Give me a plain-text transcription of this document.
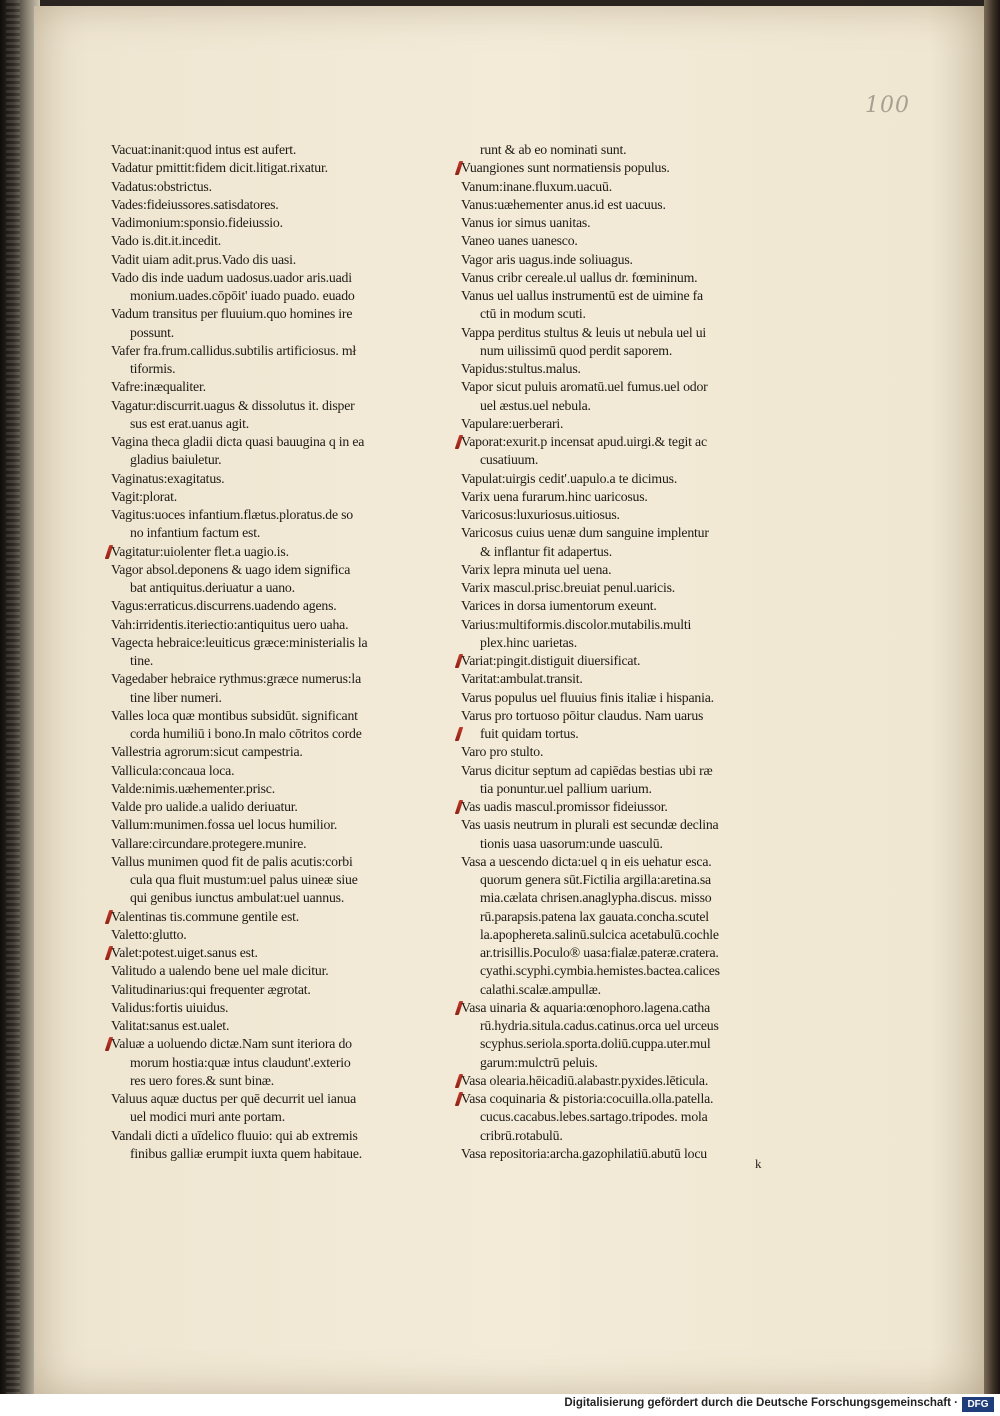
100
Vacuat:inanit:quod intus est aufert.
Vadatur pmittit:fidem dicit.litigat.rixatur.
Vadatus:obstrictus.
Vades:fideiussores.satisdatores.
Vadimonium:sponsio.fideiussio.
Vado is.dit.it.incedit.
Vadit uiam adit.prus.Vado dis uasi.
Vado dis inde uadum uadosus.uador aris.uadi
monium.uades.cōpōit' iuado puado. euado
Vadum transitus per fluuium.quo homines ire
possunt.
Vafer fra.frum.callidus.subtilis artificiosus. mł
tiformis.
Vafre:inæqualiter.
Vagatur:discurrit.uagus & dissolutus it. disper
sus est erat.uanus agit.
Vagina theca gladii dicta quasi bauugina q in ea
gladius baiuletur.
Vaginatus:exagitatus.
Vagit:plorat.
Vagitus:uoces infantium.flætus.ploratus.de so
no infantium factum est.
Vagitatur:uiolenter flet.a uagio.is.
Vagor absol.deponens & uago idem significa
bat antiquitus.deriuatur a uano.
Vagus:erraticus.discurrens.uadendo agens.
Vah:irridentis.iteriectio:antiquitus uero uaha.
Vagecta hebraice:leuiticus græce:ministerialis la
tine.
Vagedaber hebraice rythmus:græce numerus:la
tine liber numeri.
Valles loca quæ montibus subsidūt. significant
corda humiliū i bono.In malo cōtritos corde
Vallestria agrorum:sicut campestria.
Vallicula:concaua loca.
Valde:nimis.uæhementer.prisc.
Valde pro ualide.a ualido deriuatur.
Vallum:munimen.fossa uel locus humilior.
Vallare:circundare.protegere.munire.
Vallus munimen quod fit de palis acutis:corbi
cula qua fluit mustum:uel palus uineæ siue
qui genibus iunctus ambulat:uel uannus.
Valentinas tis.commune gentile est.
Valetto:glutto.
Valet:potest.uiget.sanus est.
Valitudo a ualendo bene uel male dicitur.
Valitudinarius:qui frequenter ægrotat.
Validus:fortis uiuidus.
Valitat:sanus est.ualet.
Valuæ a uoluendo dictæ.Nam sunt iteriora do
morum hostia:quæ intus claudunt'.exterio
res uero fores.& sunt binæ.
Valuus aquæ ductus per quē decurrit uel ianua
uel modici muri ante portam.
Vandali dicti a uīdelico fluuio: qui ab extremis
finibus galliæ erumpit iuxta quem habitaue.
runt & ab eo nominati sunt.
Vuangiones sunt normatiensis populus.
Vanum:inane.fluxum.uacuū.
Vanus:uæhementer anus.id est uacuus.
Vanus ior simus uanitas.
Vaneo uanes uanesco.
Vagor aris uagus.inde soliuagus.
Vanus cribr cereale.ul uallus dr. fœmininum.
Vanus uel uallus instrumentū est de uimine fa
ctū in modum scuti.
Vappa perditus stultus & leuis ut nebula uel ui
num uilissimū quod perdit saporem.
Vapidus:stultus.malus.
Vapor sicut puluis aromatū.uel fumus.uel odor
uel æstus.uel nebula.
Vapulare:uerberari.
Vaporat:exurit.p incensat apud.uirgi.& tegit ac
cusatiuum.
Vapulat:uirgis cedit'.uapulo.a te dicimus.
Varix uena furarum.hinc uaricosus.
Varicosus:luxuriosus.uitiosus.
Varicosus cuius uenæ dum sanguine implentur
& inflantur fit adapertus.
Varix lepra minuta uel uena.
Varix mascul.prisc.breuiat penul.uaricis.
Varices in dorsa iumentorum exeunt.
Varius:multiformis.discolor.mutabilis.multi
plex.hinc uarietas.
Variat:pingit.distiguit diuersificat.
Varitat:ambulat.transit.
Varus populus uel fluuius finis italiæ i hispania.
Varus pro tortuoso pōitur claudus. Nam uarus
fuit quidam tortus.
Varo pro stulto.
Varus dicitur septum ad capiēdas bestias ubi ræ
tia ponuntur.uel pallium uarium.
Vas uadis mascul.promissor fideiussor.
Vas uasis neutrum in plurali est secundæ declina
tionis uasa uasorum:unde uasculū.
Vasa a uescendo dicta:uel q in eis uehatur esca.
quorum genera sūt.Fictilia argilla:aretina.sa
mia.cælata chrisen.anaglypha.discus. misso
rū.parapsis.patena lax gauata.concha.scutel
la.apophereta.salinū.sulcica acetabulū.cochle
ar.trisillis.Poculo® uasa:fialæ.pateræ.cratera.
cyathi.scyphi.cymbia.hemistes.bactea.calices
calathi.scalæ.ampullæ.
Vasa uinaria & aquaria:œnophoro.lagena.catha
rū.hydria.situla.cadus.catinus.orca uel urceus
scyphus.seriola.sporta.doliū.cuppa.uter.mul
garum:mulctrū peluis.
Vasa olearia.hēicadiū.alabastr.pyxides.lēticula.
Vasa coquinaria & pistoria:cocuilla.olla.patella.
cucus.cacabus.lebes.sartago.tripodes. mola
cribrū.rotabulū.
Vasa repositoria:archa.gazophilatiū.abutū locu
k
Digitalisierung gefördert durch die Deutsche Forschungsgemeinschaft · DFG
